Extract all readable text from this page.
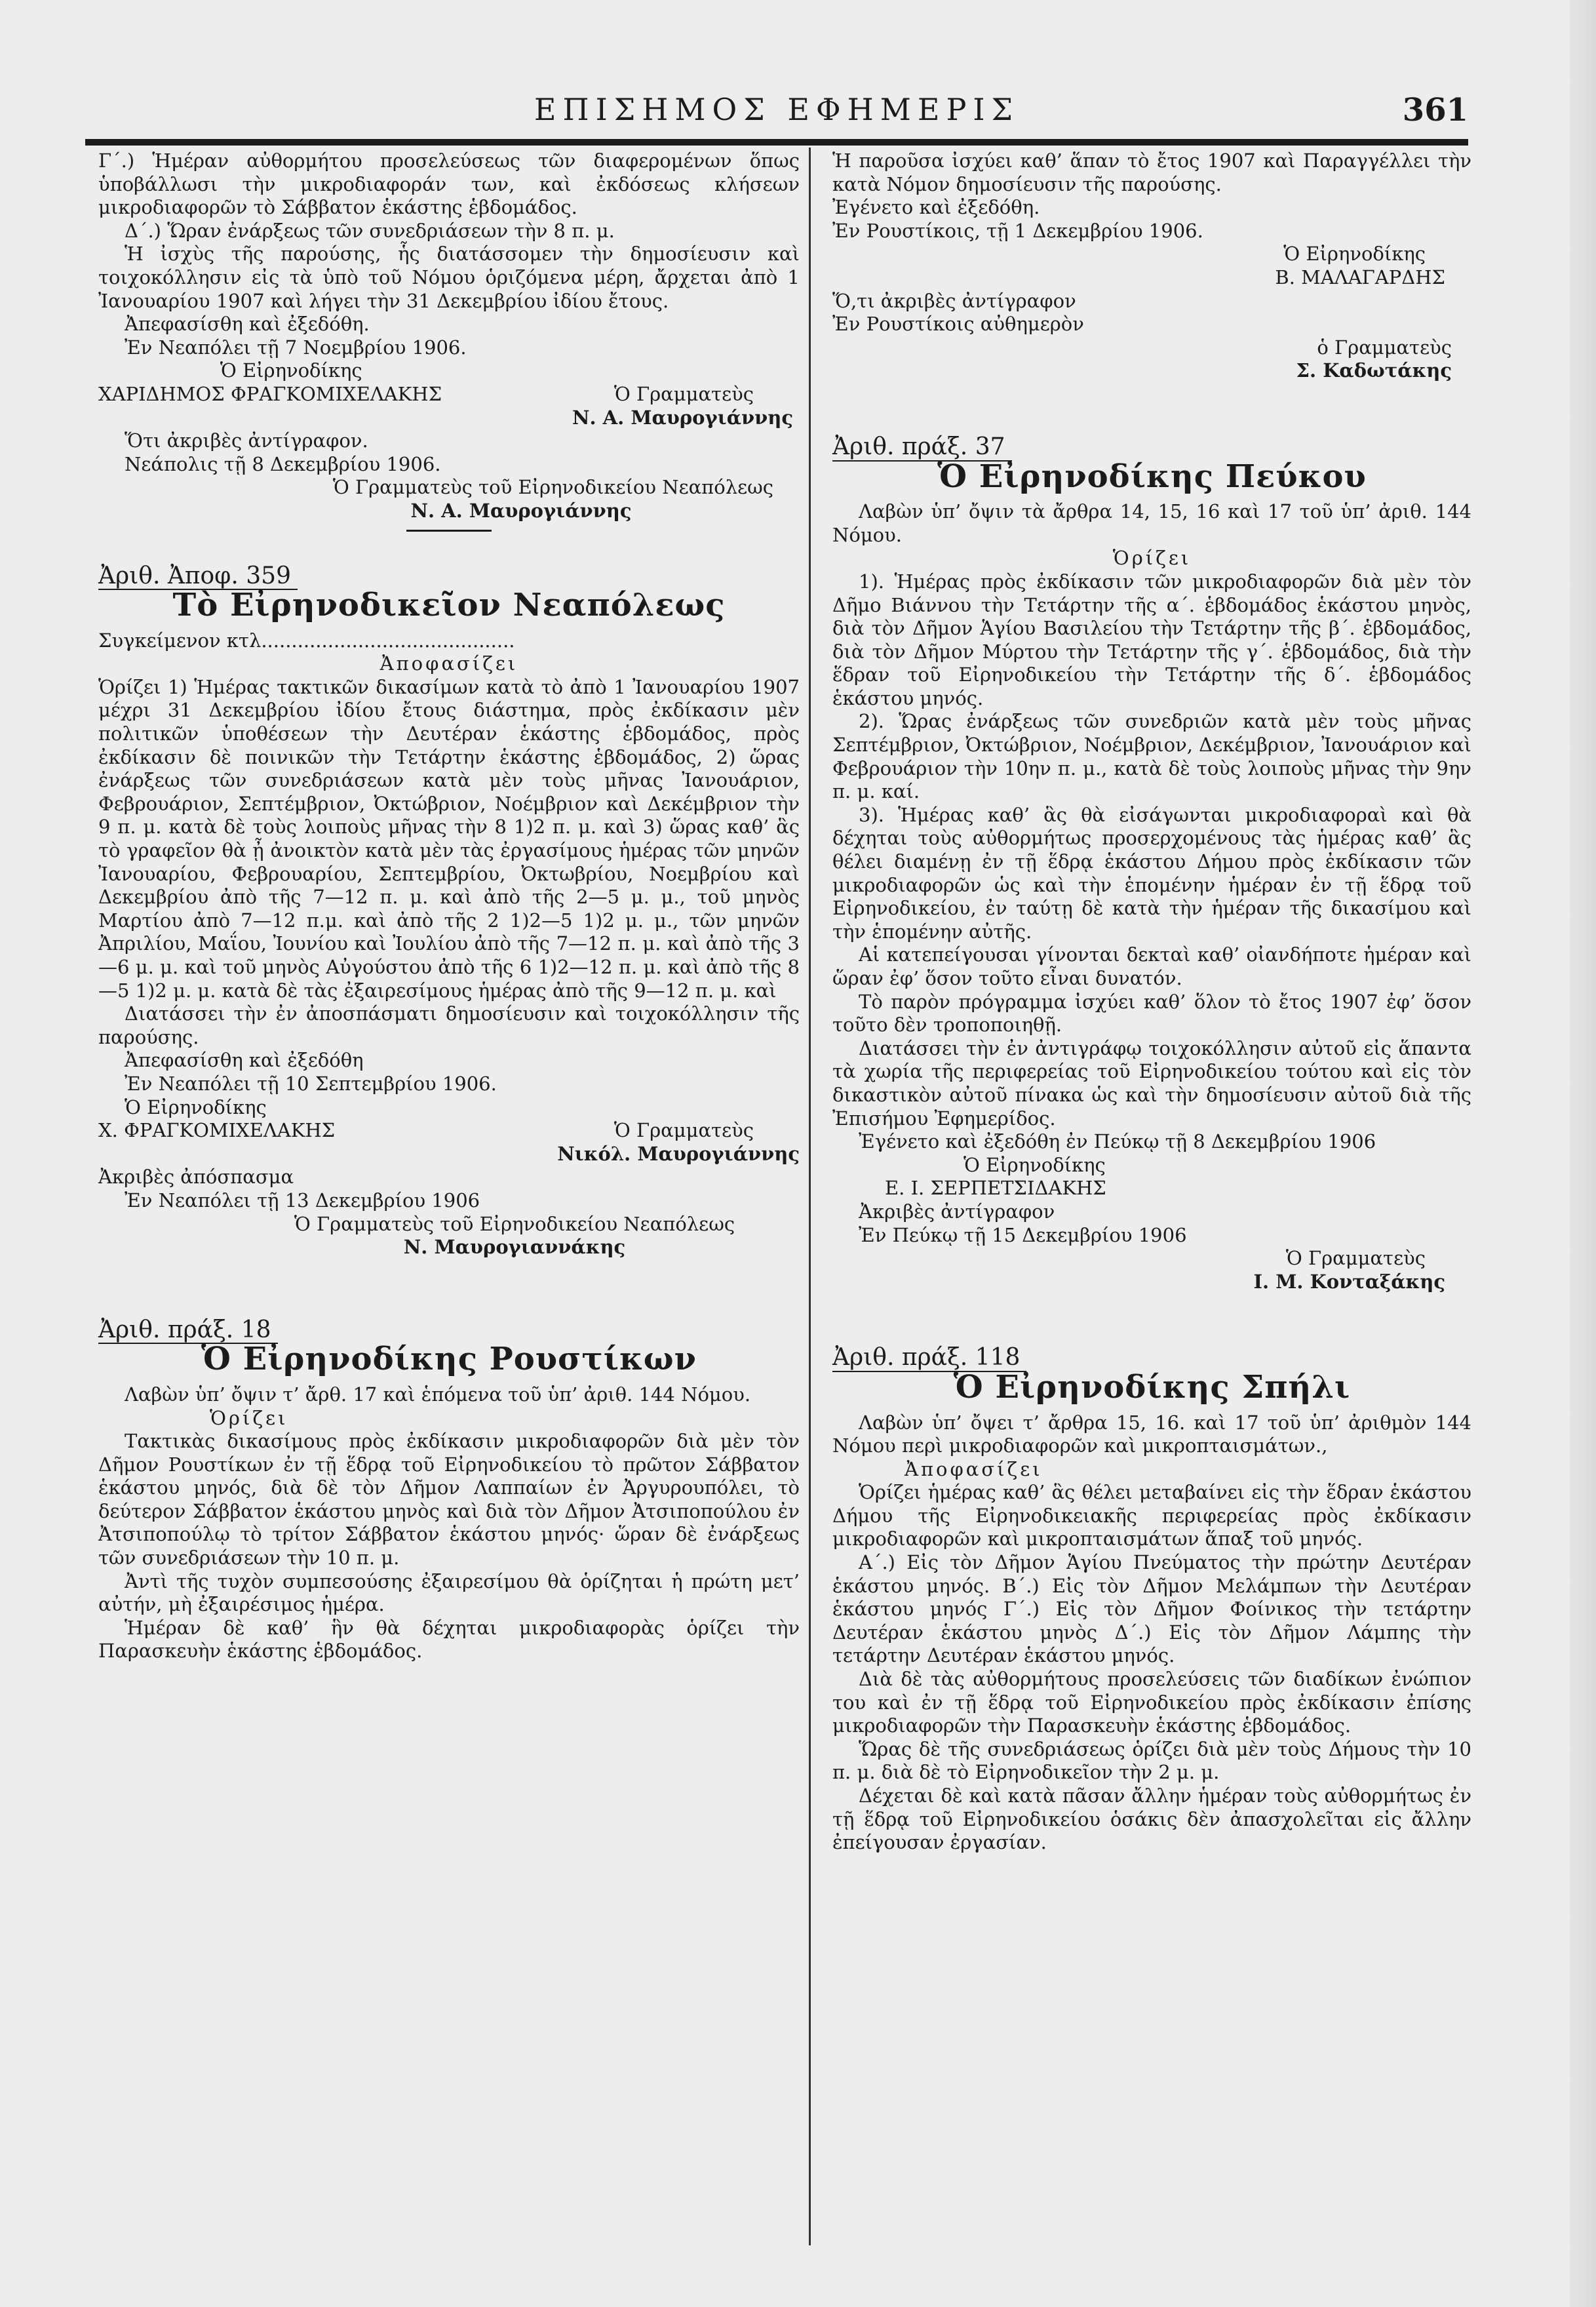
ΕΠΙΣΗΜΟΣ ΕΦΗΜΕΡΙΣ	361

Γ΄.) Ἡμέραν αὐθορμήτου προσελεύσεως τῶν διαφερομένων ὅπως ὑποβάλλωσι τὴν μικροδιαφοράν των, καὶ ἐκδόσεως κλήσεων μικροδιαφορῶν τὸ Σάββατον ἑκάστης ἑβδομάδος.

Δ΄.) Ὥραν ἐνάρξεως τῶν συνεδριάσεων τὴν 8 π. μ.

Ἡ ἰσχὺς τῆς παρούσης, ἧς διατάσσομεν τὴν δημοσίευσιν καὶ τοιχοκόλλησιν εἰς τὰ ὑπὸ τοῦ Νόμου ὁριζόμενα μέρη, ἄρχεται ἀπὸ 1 Ἰανουαρίου 1907 καὶ λήγει τὴν 31 Δεκεμβρίου ἰδίου ἔτους.

Ἀπεφασίσθη καὶ ἐξεδόθη.

Ἐν Νεαπόλει τῇ 7 Νοεμβρίου 1906.

Ὁ Εἰρηνοδίκης
ΧΑΡΙΔΗΜΟΣ ΦΡΑΓΚΟΜΙΧΕΛΑΚΗΣ	Ὁ Γραμματεὺς
Ν. Α. Μαυρογιάννης

Ὅτι ἀκριβὲς ἀντίγραφον.

Νεάπολις τῇ 8 Δεκεμβρίου 1906.

Ὁ Γραμματεὺς τοῦ Εἰρηνοδικείου Νεαπόλεως
Ν. Α. Μαυρογιάννης
Ἀριθ. Ἀποφ. 359
Τὸ Εἰρηνοδικεῖον Νεαπόλεως

Συγκείμενον κτλ..........................................

Ἀποφασίζει

Ὁρίζει 1) Ἡμέρας τακτικῶν δικασίμων κατὰ τὸ ἀπὸ 1 Ἰανουαρίου 1907 μέχρι 31 Δεκεμβρίου ἰδίου ἔτους διάστημα, πρὸς ἐκδίκασιν μὲν πολιτικῶν ὑποθέσεων τὴν Δευτέραν ἑκάστης ἑβδομάδος, πρὸς ἐκδίκασιν δὲ ποινικῶν τὴν Τετάρτην ἑκάστης ἑβδομάδος, 2) ὥρας ἐνάρξεως τῶν συνεδριάσεων κατὰ μὲν τοὺς μῆνας Ἰανουάριον, Φεβρουάριον, Σεπτέμβριον, Ὀκτώβριον, Νοέμβριον καὶ Δεκέμβριον τὴν 9 π. μ. κατὰ δὲ τοὺς λοιποὺς μῆνας τὴν 8 1)2 π. μ. καὶ 3) ὥρας καθ’ ἃς τὸ γραφεῖον θὰ ᾖ ἀνοικτὸν κατὰ μὲν τὰς ἐργασίμους ἡμέρας τῶν μηνῶν Ἰανουαρίου, Φεβρουαρίου, Σεπτεμβρίου, Ὀκτωβρίου, Νοεμβρίου καὶ Δεκεμβρίου ἀπὸ τῆς 7—12 π. μ. καὶ ἀπὸ τῆς 2—5 μ. μ., τοῦ μηνὸς Μαρτίου ἀπὸ 7—12 π.μ. καὶ ἀπὸ τῆς 2 1)2—5 1)2 μ. μ., τῶν μηνῶν Ἀπριλίου, Μαΐου, Ἰουνίου καὶ Ἰουλίου ἀπὸ τῆς 7—12 π. μ. καὶ ἀπὸ τῆς 3—6 μ. μ. καὶ τοῦ μηνὸς Αὐγούστου ἀπὸ τῆς 6 1)2—12 π. μ. καὶ ἀπὸ τῆς 8—5 1)2 μ. μ. κατὰ δὲ τὰς ἐξαιρεσίμους ἡμέρας ἀπὸ τῆς 9—12 π. μ. καὶ

Διατάσσει τὴν ἐν ἀποσπάσματι δημοσίευσιν καὶ τοιχοκόλλησιν τῆς παρούσης.

Ἀπεφασίσθη καὶ ἐξεδόθη

Ἐν Νεαπόλει τῇ 10 Σεπτεμβρίου 1906.

Ὁ Εἰρηνοδίκης
Χ. ΦΡΑΓΚΟΜΙΧΕΛΑΚΗΣ	Ὁ Γραμματεὺς
Νικόλ. Μαυρογιάννης

Ἀκριβὲς ἀπόσπασμα

Ἐν Νεαπόλει τῇ 13 Δεκεμβρίου 1906

Ὁ Γραμματεὺς τοῦ Εἰρηνοδικείου Νεαπόλεως
Ν. Μαυρογιαννάκης
Ἀριθ. πράξ. 18
Ὁ Εἰρηνοδίκης Ρουστίκων

Λαβὼν ὑπ’ ὄψιν τ’ ἄρθ. 17 καὶ ἑπόμενα τοῦ ὑπ’ ἀριθ. 144 Νόμου.

Ὁρίζει

Τακτικὰς δικασίμους πρὸς ἐκδίκασιν μικροδιαφορῶν διὰ μὲν τὸν Δῆμον Ρουστίκων ἐν τῇ ἕδρᾳ τοῦ Εἰρηνοδικείου τὸ πρῶτον Σάββατον ἑκάστου μηνός, διὰ δὲ τὸν Δῆμον Λαππαίων ἐν Ἀργυρουπόλει, τὸ δεύτερον Σάββατον ἑκάστου μηνὸς καὶ διὰ τὸν Δῆμον Ἀτσιποπούλου ἐν Ἀτσιποπούλῳ τὸ τρίτον Σάββατον ἑκάστου μηνός· ὥραν δὲ ἐνάρξεως τῶν συνεδριάσεων τὴν 10 π. μ.

Ἀντὶ τῆς τυχὸν συμπεσούσης ἐξαιρεσίμου θὰ ὁρίζηται ἡ πρώτη μετ’ αὐτήν, μὴ ἐξαιρέσιμος ἡμέρα.

Ἡμέραν δὲ καθ’ ἣν θὰ δέχηται μικροδιαφορὰς ὁρίζει τὴν Παρασκευὴν ἑκάστης ἑβδομάδος.

Ἡ παροῦσα ἰσχύει καθ’ ἅπαν τὸ ἔτος 1907 καὶ Παραγγέλλει τὴν κατὰ Νόμον δημοσίευσιν τῆς παρούσης.

Ἐγένετο καὶ ἐξεδόθη.

Ἐν Ρουστίκοις, τῇ 1 Δεκεμβρίου 1906.

Ὁ Εἰρηνοδίκης
Β. ΜΑΛΑΓΑΡΔΗΣ

Ὅ,τι ἀκριβὲς ἀντίγραφον

Ἐν Ρουστίκοις αὐθημερὸν

ὁ Γραμματεὺς
Σ. Καδωτάκης
Ἀριθ. πράξ. 37
Ὁ Εἰρηνοδίκης Πεύκου

Λαβὼν ὑπ’ ὄψιν τὰ ἄρθρα 14, 15, 16 καὶ 17 τοῦ ὑπ’ ἀριθ. 144 Νόμου.

Ὁρίζει

1). Ἡμέρας πρὸς ἐκδίκασιν τῶν μικροδιαφορῶν διὰ μὲν τὸν Δῆμο Βιάννου τὴν Τετάρτην τῆς α΄. ἑβδομάδος ἑκάστου μηνὸς, διὰ τὸν Δῆμον Ἁγίου Βασιλείου τὴν Τετάρτην τῆς β΄. ἑβδομάδος, διὰ τὸν Δῆμον Μύρτου τὴν Τετάρτην τῆς γ΄. ἑβδομάδος, διὰ τὴν ἕδραν τοῦ Εἰρηνοδικείου τὴν Τετάρτην τῆς δ΄. ἑβδομάδος ἑκάστου μηνός.

2). Ὥρας ἐνάρξεως τῶν συνεδριῶν κατὰ μὲν τοὺς μῆνας Σεπτέμβριον, Ὀκτώβριον, Νοέμβριον, Δεκέμβριον, Ἰανουάριον καὶ Φεβρουάριον τὴν 10ην π. μ., κατὰ δὲ τοὺς λοιποὺς μῆνας τὴν 9ην π. μ. καί.

3). Ἡμέρας καθ’ ἃς θὰ εἰσάγωνται μικροδιαφοραὶ καὶ θὰ δέχηται τοὺς αὐθορμήτως προσερχομένους τὰς ἡμέρας καθ’ ἃς θέλει διαμένῃ ἐν τῇ ἕδρᾳ ἑκάστου Δήμου πρὸς ἐκδίκασιν τῶν μικροδιαφορῶν ὡς καὶ τὴν ἑπομένην ἡμέραν ἐν τῇ ἕδρᾳ τοῦ Εἰρηνοδικείου, ἐν ταύτῃ δὲ κατὰ τὴν ἡμέραν τῆς δικασίμου καὶ τὴν ἑπομένην αὐτῆς.

Αἱ κατεπείγουσαι γίνονται δεκταὶ καθ’ οἰανδήποτε ἡμέραν καὶ ὥραν ἐφ’ ὅσον τοῦτο εἶναι δυνατόν.

Τὸ παρὸν πρόγραμμα ἰσχύει καθ’ ὅλον τὸ ἔτος 1907 ἐφ’ ὅσον τοῦτο δὲν τροποποιηθῇ.

Διατάσσει τὴν ἐν ἀντιγράφῳ τοιχοκόλλησιν αὐτοῦ εἰς ἅπαντα τὰ χωρία τῆς περιφερείας τοῦ Εἰρηνοδικείου τούτου καὶ εἰς τὸν δικαστικὸν αὐτοῦ πίνακα ὡς καὶ τὴν δημοσίευσιν αὐτοῦ διὰ τῆς Ἐπισήμου Ἐφημερίδος.

Ἐγένετο καὶ ἐξεδόθη ἐν Πεύκῳ τῇ 8 Δεκεμβρίου 1906

Ὁ Εἰρηνοδίκης
Ε. Ι. ΣΕΡΠΕΤΣΙΔΑΚΗΣ

Ἀκριβὲς ἀντίγραφον

Ἐν Πεύκῳ τῇ 15 Δεκεμβρίου 1906

Ὁ Γραμματεὺς
Ι. Μ. Κονταξάκης
Ἀριθ. πράξ. 118
Ὁ Εἰρηνοδίκης Σπήλι

Λαβὼν ὑπ’ ὄψει τ’ ἄρθρα 15, 16. καὶ 17 τοῦ ὑπ’ ἀριθμὸν 144 Νόμου περὶ μικροδιαφορῶν καὶ μικροπταισμάτων.,

Ἀποφασίζει

Ὁρίζει ἡμέρας καθ’ ἃς θέλει μεταβαίνει εἰς τὴν ἕδραν ἑκάστου Δήμου τῆς Εἰρηνοδικειακῆς περιφερείας πρὸς ἐκδίκασιν μικροδιαφορῶν καὶ μικροπταισμάτων ἅπαξ τοῦ μηνός.

Α΄.) Εἰς τὸν Δῆμον Ἁγίου Πνεύματος τὴν πρώτην Δευτέραν ἑκάστου μηνός. Β΄.) Εἰς τὸν Δῆμον Μελάμπων τὴν Δευτέραν ἑκάστου μηνός Γ΄.) Εἰς τὸν Δῆμον Φοίνικος τὴν τετάρτην Δευτέραν ἑκάστου μηνὸς Δ΄.) Εἰς τὸν Δῆμον Λάμπης τὴν τετάρτην Δευτέραν ἑκάστου μηνός.

Διὰ δὲ τὰς αὐθορμήτους προσελεύσεις τῶν διαδίκων ἐνώπιον του καὶ ἐν τῇ ἕδρᾳ τοῦ Εἰρηνοδικείου πρὸς ἐκδίκασιν ἐπίσης μικροδιαφορῶν τὴν Παρασκευὴν ἑκάστης ἑβδομάδος.

Ὥρας δὲ τῆς συνεδριάσεως ὁρίζει διὰ μὲν τοὺς Δήμους τὴν 10 π. μ. διὰ δὲ τὸ Εἰρηνοδικεῖον τὴν 2 μ. μ.

Δέχεται δὲ καὶ κατὰ πᾶσαν ἄλλην ἡμέραν τοὺς αὐθορμήτως ἐν τῇ ἕδρᾳ τοῦ Εἰρηνοδικείου ὁσάκις δὲν ἀπασχολεῖται εἰς ἄλλην ἐπείγουσαν ἐργασίαν.
